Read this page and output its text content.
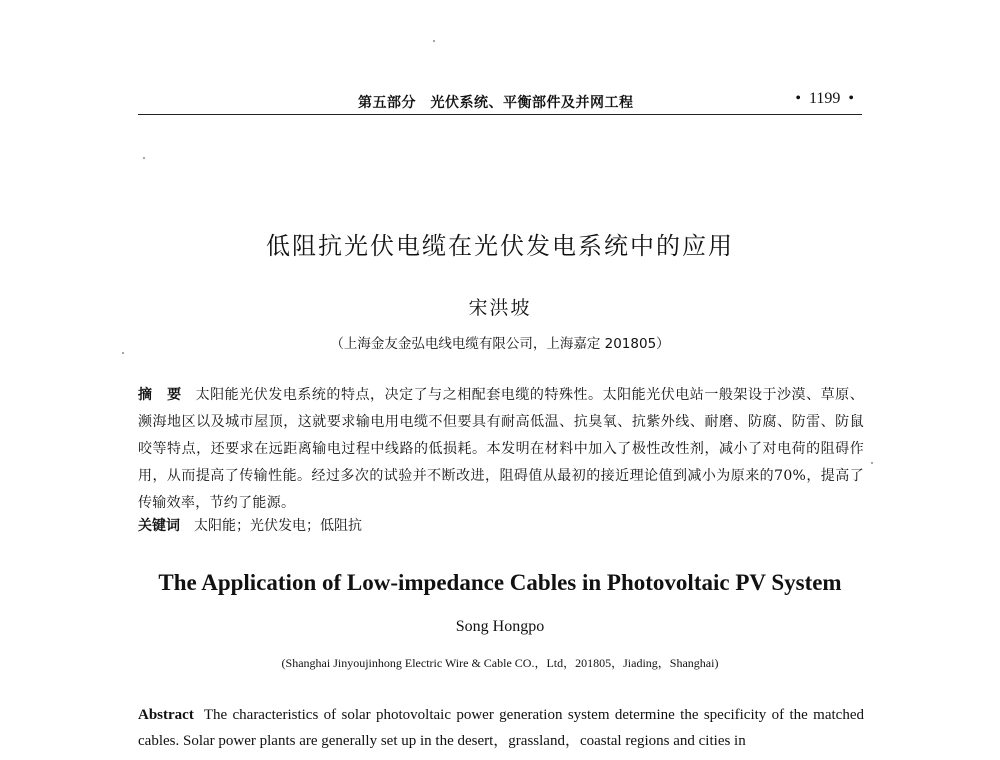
第五部分　光伏系统、平衡部件及并网工程	• 1199 •
低阻抗光伏电缆在光伏发电系统中的应用
宋洪坡
（上海金友金弘电线电缆有限公司，上海嘉定 201805）
摘　要 太阳能光伏发电系统的特点，决定了与之相配套电缆的特殊性。太阳能光伏电站一般架设于沙漠、草原、濒海地区以及城市屋顶，这就要求输电用电缆不但要具有耐高低温、抗臭氧、抗紫外线、耐磨、防腐、防雷、防鼠咬等特点，还要求在远距离输电过程中线路的低损耗。本发明在材料中加入了极性改性剂，减小了对电荷的阻碍作用，从而提高了传输性能。经过多次的试验并不断改进，阻碍值从最初的接近理论值到减小为原来的70%，提高了传输效率，节约了能源。
关键词 太阳能；光伏发电；低阻抗
The Application of Low-impedance Cables in Photovoltaic PV System
Song Hongpo
(Shanghai Jinyoujinhong Electric Wire & Cable CO.，Ltd，201805，Jiading，Shanghai)
Abstract The characteristics of solar photovoltaic power generation system determine the specificity of the matched cables. Solar power plants are generally set up in the desert，grassland，coastal regions and cities in
